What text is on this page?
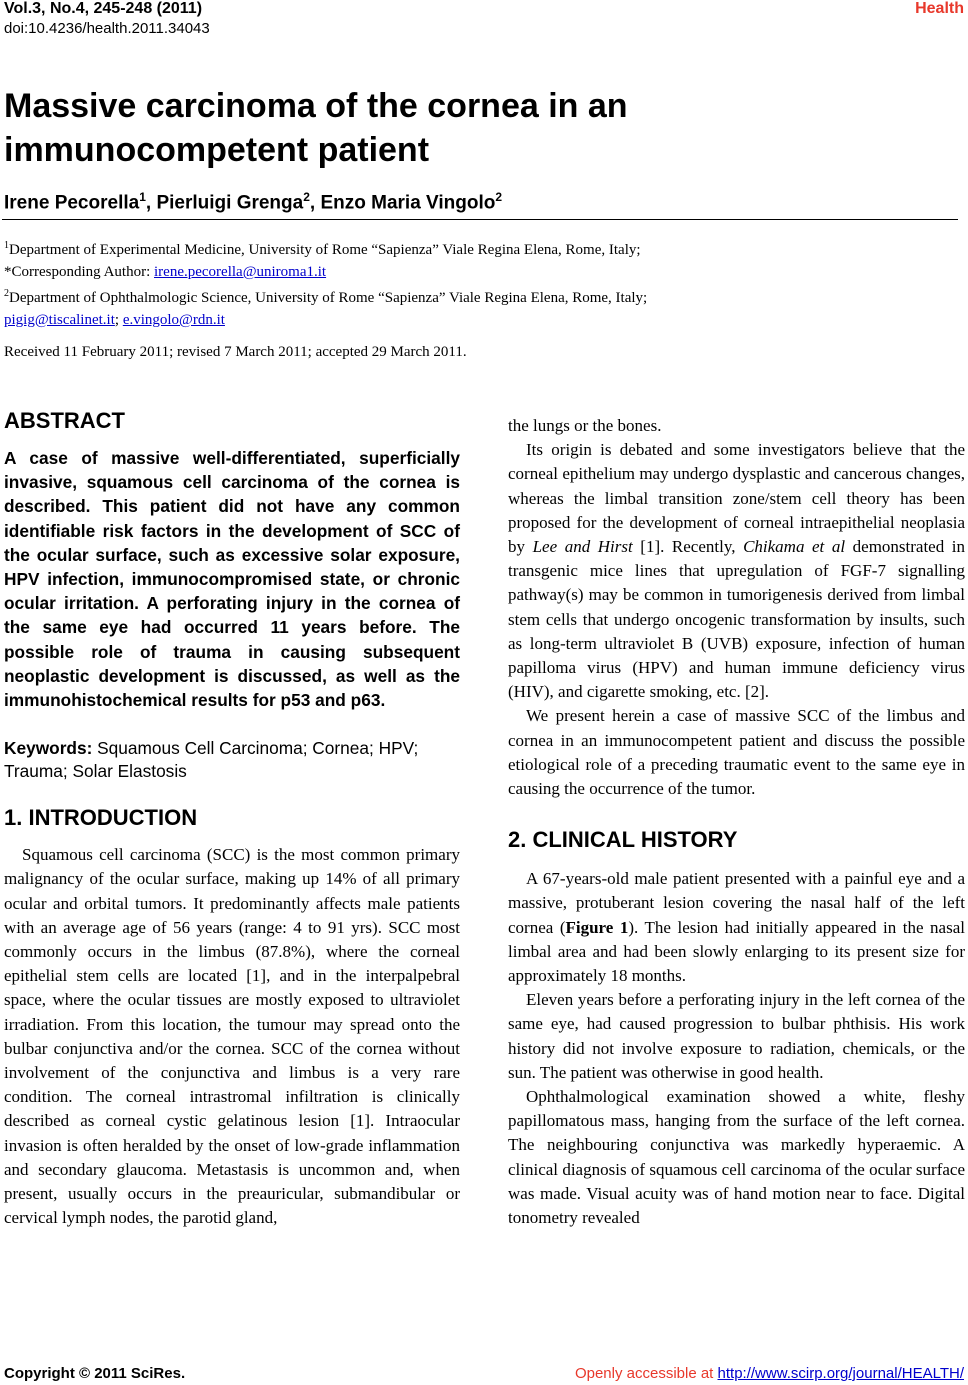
Vol.3, No.4, 245-248 (2011)
doi:10.4236/health.2011.34043
Health
Massive carcinoma of the cornea in an immunocompetent patient
Irene Pecorella$^1$, Pierluigi Grenga$^2$, Enzo Maria Vingolo$^2$
$^1$Department of Experimental Medicine, University of Rome “Sapienza” Viale Regina Elena, Rome, Italy;
*Corresponding Author: irene.pecorella@uniroma1.it
$^2$Department of Ophthalmologic Science, University of Rome “Sapienza” Viale Regina Elena, Rome, Italy;
pigig@tiscalinet.it; e.vingolo@rdn.it
Received 11 February 2011; revised 7 March 2011; accepted 29 March 2011.
ABSTRACT

A case of massive well-differentiated, superficially invasive, squamous cell carcinoma of the cornea is described. This patient did not have any common identifiable risk factors in the development of SCC of the ocular surface, such as excessive solar exposure, HPV infection, immunocompromised state, or chronic ocular irritation. A perforating injury in the cornea of the same eye had occurred 11 years before. The possible role of trauma in causing subsequent neoplastic development is discussed, as well as the immunohistochemical results for p53 and p63.

Keywords: Squamous Cell Carcinoma; Cornea; HPV; Trauma; Solar Elastosis

1. INTRODUCTION

Squamous cell carcinoma (SCC) is the most common primary malignancy of the ocular surface, making up 14% of all primary ocular and orbital tumors. It predominantly affects male patients with an average age of 56 years (range: 4 to 91 yrs). SCC most commonly occurs in the limbus (87.8%), where the corneal epithelial stem cells are located [1], and in the interpalpebral space, where the ocular tissues are mostly exposed to ultraviolet irradiation. From this location, the tumour may spread onto the bulbar conjunctiva and/or the cornea. SCC of the cornea without involvement of the conjunctiva and limbus is a very rare condition. The corneal intrastromal infiltration is clinically described as corneal cystic gelatinous lesion [1]. Intraocular invasion is often heralded by the onset of low-grade inflammation and secondary glaucoma. Metastasis is uncommon and, when present, usually occurs in the preauricular, submandibular or cervical lymph nodes, the parotid gland,

the lungs or the bones.

Its origin is debated and some investigators believe that the corneal epithelium may undergo dysplastic and cancerous changes, whereas the limbal transition zone/stem cell theory has been proposed for the development of corneal intraepithelial neoplasia by Lee and Hirst [1]. Recently, Chikama et al demonstrated in transgenic mice lines that upregulation of FGF-7 signalling pathway(s) may be common in tumorigenesis derived from limbal stem cells that undergo oncogenic transformation by insults, such as long-term ultraviolet B (UVB) exposure, infection of human papilloma virus (HPV) and human immune deficiency virus (HIV), and cigarette smoking, etc. [2].

We present herein a case of massive SCC of the limbus and cornea in an immunocompetent patient and discuss the possible etiological role of a preceding traumatic event to the same eye in causing the occurrence of the tumor.

2. CLINICAL HISTORY

A 67-years-old male patient presented with a painful eye and a massive, protuberant lesion covering the nasal half of the left cornea (Figure 1). The lesion had initially appeared in the nasal limbal area and had been slowly enlarging to its present size for approximately 18 months.

Eleven years before a perforating injury in the left cornea of the same eye, had caused progression to bulbar phthisis. His work history did not involve exposure to radiation, chemicals, or the sun. The patient was otherwise in good health.

Ophthalmological examination showed a white, fleshy papillomatous mass, hanging from the surface of the left cornea. The neighbouring conjunctiva was markedly hyperaemic. A clinical diagnosis of squamous cell carcinoma of the ocular surface was made. Visual acuity was of hand motion near to face. Digital tonometry revealed

Copyright © 2011 SciRes.	Openly accessible at http://www.scirp.org/journal/HEALTH/
